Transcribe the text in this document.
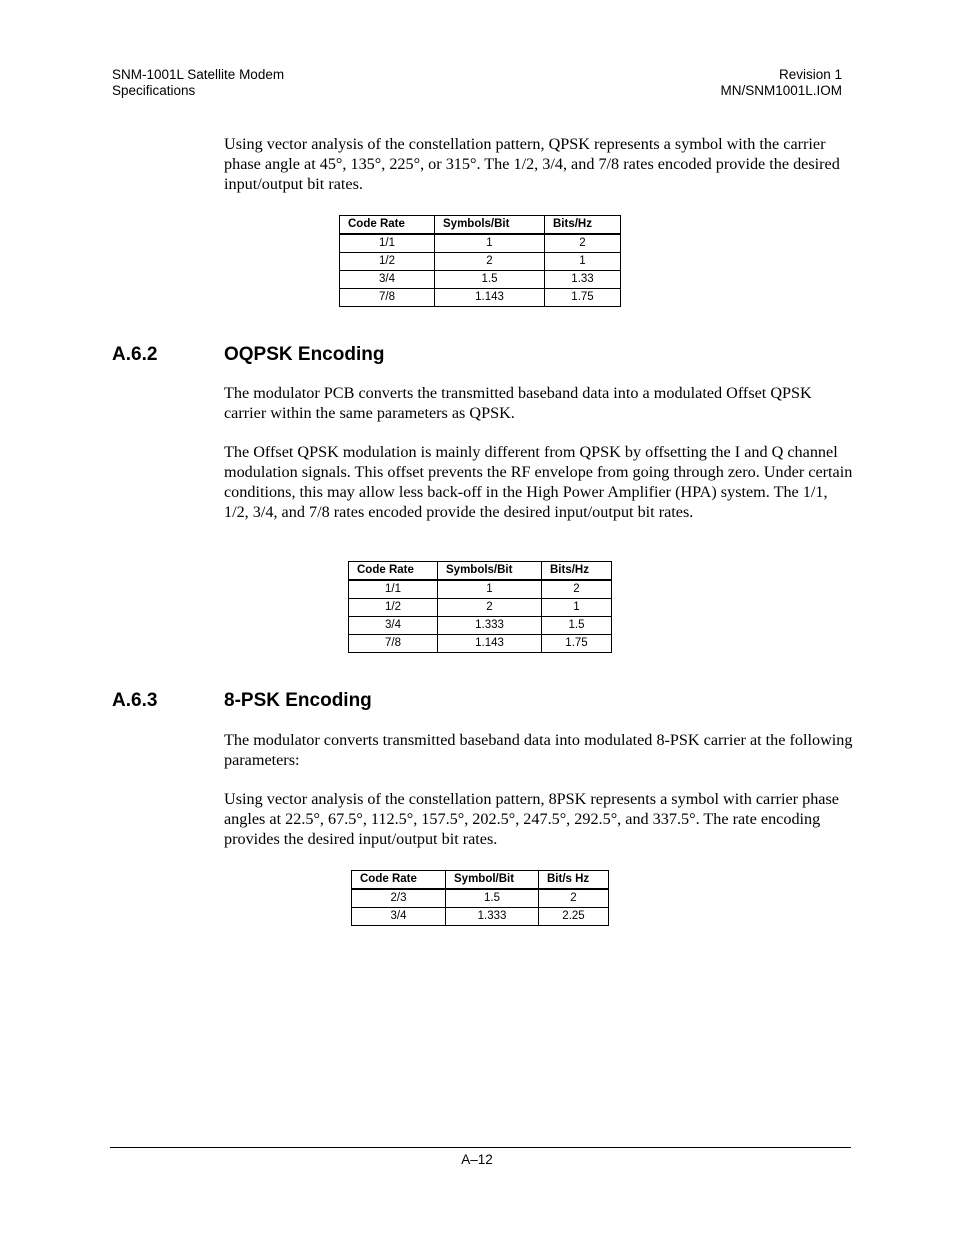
SNM-1001L Satellite Modem
Specifications
Revision 1
MN/SNM1001L.IOM

Using vector analysis of the constellation pattern, QPSK represents a symbol with the carrier phase angle at 45°, 135°, 225°, or 315°. The 1/2, 3/4, and 7/8 rates encoded provide the desired input/output bit rates.

Code Rate	Symbols/Bit	Bits/Hz
1/1	1	2
1/2	2	1
3/4	1.5	1.33
7/8	1.143	1.75
A.6.2	OQPSK Encoding

The modulator PCB converts the transmitted baseband data into a modulated Offset QPSK carrier within the same parameters as QPSK.

The Offset QPSK modulation is mainly different from QPSK by offsetting the I and Q channel modulation signals. This offset prevents the RF envelope from going through zero. Under certain conditions, this may allow less back-off in the High Power Amplifier (HPA) system. The 1/1, 1/2, 3/4, and 7/8 rates encoded provide the desired input/output bit rates.

Code Rate	Symbols/Bit	Bits/Hz
1/1	1	2
1/2	2	1
3/4	1.333	1.5
7/8	1.143	1.75
A.6.3	8-PSK Encoding

The modulator converts transmitted baseband data into modulated 8-PSK carrier at the following parameters:

Using vector analysis of the constellation pattern, 8PSK represents a symbol with carrier phase angles at 22.5°, 67.5°, 112.5°, 157.5°, 202.5°, 247.5°, 292.5°, and 337.5°. The rate encoding provides the desired input/output bit rates.

Code Rate	Symbol/Bit	Bit/s Hz
2/3	1.5	2
3/4	1.333	2.25
A–12
